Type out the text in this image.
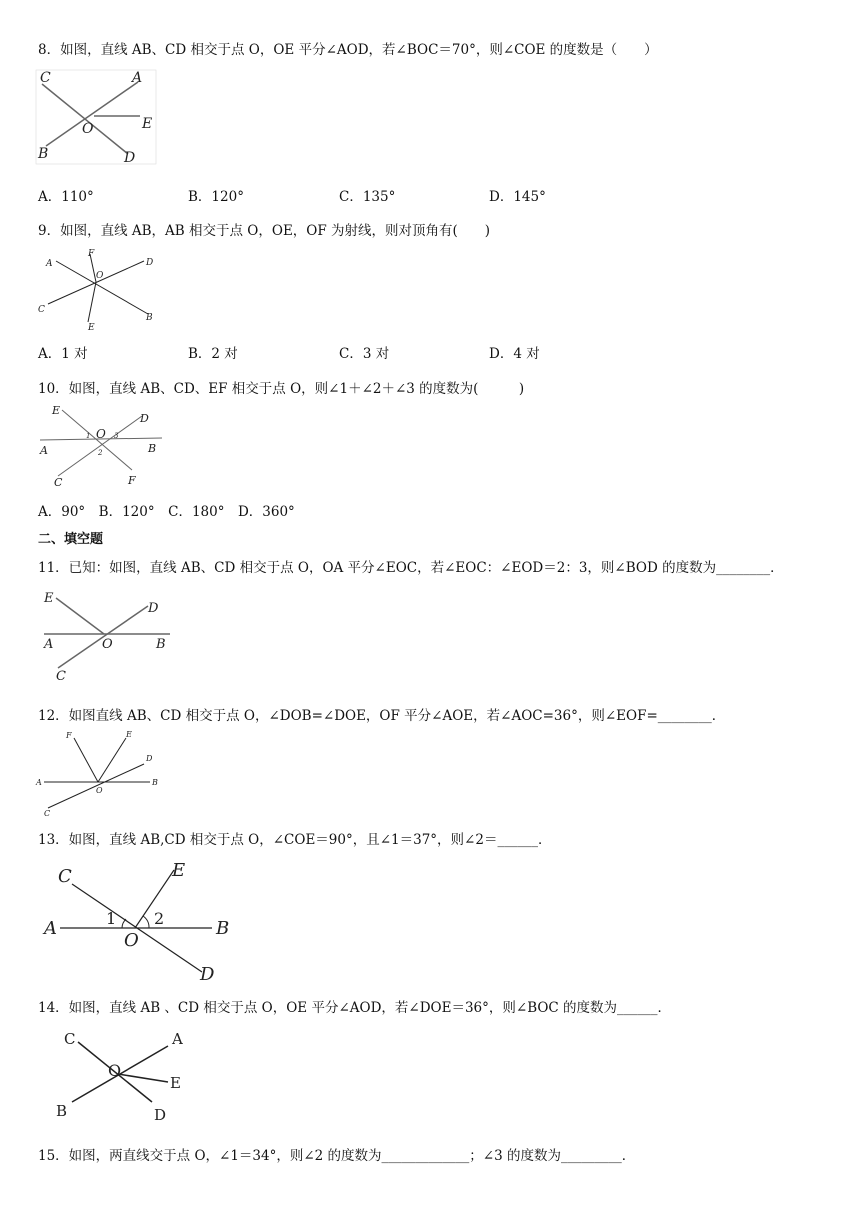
8．如图，直线 AB、CD 相交于点 O，OE 平分∠AOD，若∠BOC＝70°，则∠COE 的度数是（　　）
C	A
O	E
B	D
A．110°	B．120°	C．135°	D．145°
9．如图，直线 AB，AB 相交于点 O，OE，OF 为射线，则对顶角有(　　)
F
A
O
D
C
E
B
A．1 对	B．2 对	C．3 对	D．4 对
10．如图，直线 AB、CD、EF 相交于点 O，则∠1＋∠2＋∠3 的度数为(　　　)
E
D
O
1
2
3
A	B
C	F
A．90°　B．120°　C．180°　D．360°
二、填空题
11．已知：如图，直线 AB、CD 相交于点 O，OA 平分∠EOC，若∠EOC：∠EOD＝2：3，则∠BOD 的度数为________．
E
D
A	O	B
C
12．如图直线 AB、CD 相交于点 O，∠DOB=∠DOE，OF 平分∠AOE，若∠AOC=36°，则∠EOF=________．
F	E
D
A
O
B
C
13．如图，直线 AB,CD 相交于点 O，∠COE＝90°，且∠1＝37°，则∠2＝______．
C	E
1 2
A
O
B
D
14．如图，直线 AB 、CD 相交于点 O，OE 平分∠AOD，若∠DOE＝36°，则∠BOC 的度数为______．
C	A
O
E
B	D
15．如图，两直线交于点 O，∠1＝34°，则∠2 的度数为_____________；∠3 的度数为_________．
